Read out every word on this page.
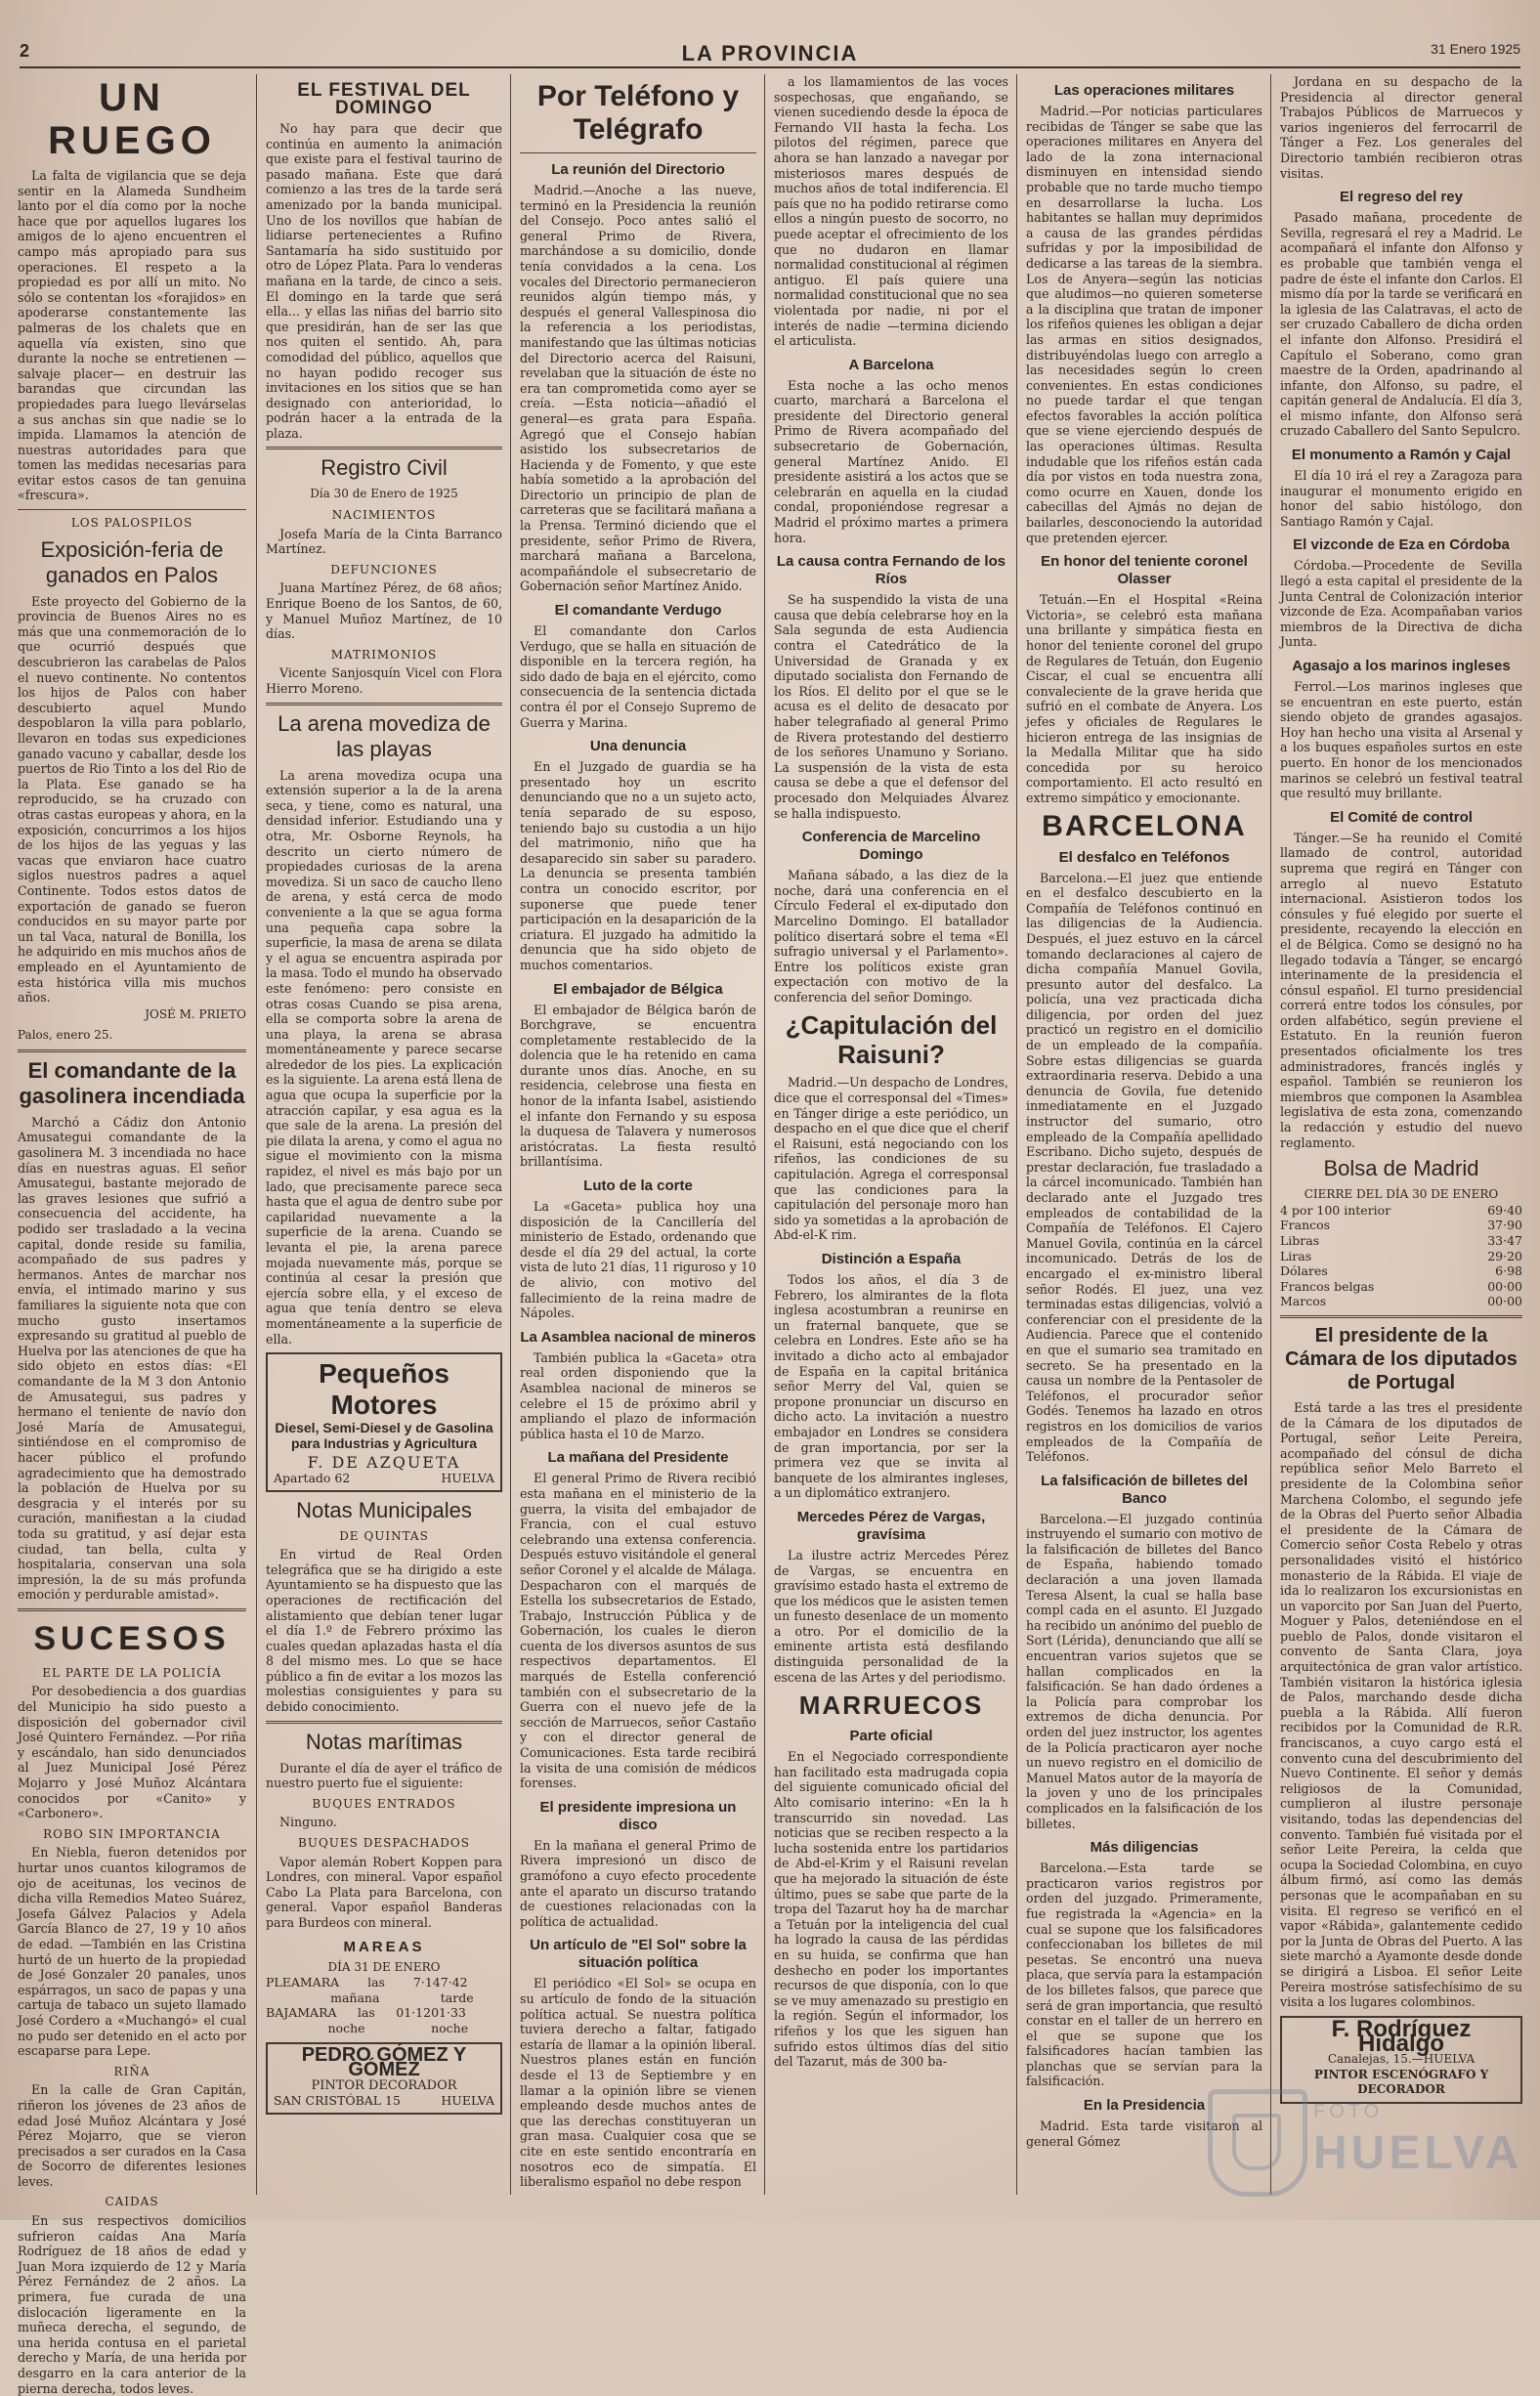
2	LA PROVINCIA	31 Enero 1925
UN RUEGO

La falta de vigilancia que se deja sentir en la Alameda Sundheim lanto por el día como por la noche hace que por aquellos lugares los amigos de lo ajeno encuentren el campo más apropiado para sus operaciones. El respeto a la propiedad es por allí un mito. No sólo se contentan los «forajidos» en apoderarse constantemente las palmeras de los chalets que en aquella vía existen, sino que durante la noche se entretienen —salvaje placer— en destruir las barandas que circundan las propiedades para luego llevárselas a sus anchas sin que nadie se lo impida. Llamamos la atención de nuestras autoridades para que tomen las medidas necesarias para evitar estos casos de tan genuina «frescura».

LOS PALOSPILOS
Exposición-feria de ganados en Palos

Este proyecto del Gobierno de la provincia de Buenos Aires no es más que una conmemoración de lo que ocurrió después que descubrieron las carabelas de Palos el nuevo continente. No contentos los hijos de Palos con haber descubierto aquel Mundo despoblaron la villa para poblarlo, llevaron en todas sus expediciones ganado vacuno y caballar, desde los puertos de Rio Tinto a los del Rio de la Plata. Ese ganado se ha reproducido, se ha cruzado con otras castas europeas y ahora, en la exposición, concurrimos a los hijos de los hijos de las yeguas y las vacas que enviaron hace cuatro siglos nuestros padres a aquel Continente. Todos estos datos de exportación de ganado se fueron conducidos en su mayor parte por un tal Vaca, natural de Bonilla, los he adquirido en mis muchos años de empleado en el Ayuntamiento de esta histórica villa mis muchos años.

JOSÉ M. PRIETO
Palos, enero 25.
El comandante de la gasolinera incendiada

Marchó a Cádiz don Antonio Amusategui comandante de la gasolinera M. 3 incendiada no hace días en nuestras aguas. El señor Amusategui, bastante mejorado de las graves lesiones que sufrió a consecuencia del accidente, ha podido ser trasladado a la vecina capital, donde reside su familia, acompañado de sus padres y hermanos. Antes de marchar nos envía, el intimado marino y sus familiares la siguiente nota que con mucho gusto insertamos expresando su gratitud al pueblo de Huelva por las atenciones de que ha sido objeto en estos días: «El comandante de la M 3 don Antonio de Amusategui, sus padres y hermano el teniente de navío don José María de Amusategui, sintiéndose en el compromiso de hacer público el profundo agradecimiento que ha demostrado la población de Huelva por su desgracia y el interés por su curación, manifiestan a la ciudad toda su gratitud, y así dejar esta ciudad, tan bella, culta y hospitalaria, conservan una sola impresión, la de su más profunda emoción y perdurable amistad».

SUCESOS
EL PARTE DE LA POLICÍA

Por desobediencia a dos guardias del Municipio ha sido puesto a disposición del gobernador civil José Quintero Fernández. —Por riña y escándalo, han sido denunciados al Juez Municipal José Pérez Mojarro y José Muñoz Alcántara conocidos por «Canito» y «Carbonero».

ROBO SIN IMPORTANCIA

En Niebla, fueron detenidos por hurtar unos cuantos kilogramos de ojo de aceitunas, los vecinos de dicha villa Remedios Mateo Suárez, Josefa Gálvez Palacios y Adela García Blanco de 27, 19 y 10 años de edad. —También en las Cristina hurtó de un huerto de la propiedad de José Gonzaler 20 panales, unos espárragos, un saco de papas y una cartuja de tabaco un sujeto llamado José Cordero a «Muchangó» el cual no pudo ser detenido en el acto por escaparse para Lepe.

RIÑA

En la calle de Gran Capitán, riñeron los jóvenes de 23 años de edad José Muñoz Alcántara y José Pérez Mojarro, que se vieron precisados a ser curados en la Casa de Socorro de diferentes lesiones leves.

CAIDAS

En sus respectivos domicilios sufrieron caídas Ana María Rodríguez de 18 años de edad y Juan Mora izquierdo de 12 y María Pérez Fernández de 2 años. La primera, fue curada de una dislocación ligeramente en la muñeca derecha, el segundo, de una herida contusa en el parietal derecho y María, de una herida por desgarro en la cara anterior de la pierna derecha, todos leves.

EL FESTIVAL DEL DOMINGO

No hay para que decir que continúa en aumento la animación que existe para el festival taurino de pasado mañana. Este que dará comienzo a las tres de la tarde será amenizado por la banda municipal. Uno de los novillos que habían de lidiarse pertenecientes a Rufino Santamaría ha sido sustituido por otro de López Plata. Para lo venderas mañana en la tarde, de cinco a seis. El domingo en la tarde que será ella... y ellas las niñas del barrio sito que presidirán, han de ser las que nos quiten el sentido. Ah, para comodidad del público, aquellos que no hayan podido recoger sus invitaciones en los sitios que se han designado con anterioridad, lo podrán hacer a la entrada de la plaza.

Registro Civil
Día 30 de Enero de 1925
NACIMIENTOS

Josefa María de la Cinta Barranco Martínez.

DEFUNCIONES

Juana Martínez Pérez, de 68 años; Enrique Boeno de los Santos, de 60, y Manuel Muñoz Martínez, de 10 días.

MATRIMONIOS

Vicente Sanjosquín Vicel con Flora Hierro Moreno.

La arena movediza de las playas

La arena movediza ocupa una extensión superior a la de la arena seca, y tiene, como es natural, una densidad inferior. Estudiando una y otra, Mr. Osborne Reynols, ha descrito un cierto número de propiedades curiosas de la arena movediza. Si un saco de caucho lleno de arena, y está cerca de modo conveniente a la que se agua forma una pequeña capa sobre la superficie, la masa de arena se dilata y el agua se encuentra aspirada por la masa. Todo el mundo ha observado este fenómeno: pero consiste en otras cosas Cuando se pisa arena, ella se comporta sobre la arena de una playa, la arena se abrasa momentáneamente y parece secarse alrededor de los pies. La explicación es la siguiente. La arena está llena de agua que ocupa la superficie por la atracción capilar, y esa agua es la que sale de la arena. La presión del pie dilata la arena, y como el agua no sigue el movimiento con la misma rapidez, el nivel es más bajo por un lado, que precisamente parece seca hasta que el agua de dentro sube por capilaridad nuevamente a la superficie de la arena. Cuando se levanta el pie, la arena parece mojada nuevamente más, porque se continúa al cesar la presión que ejercía sobre ella, y el exceso de agua que tenía dentro se eleva momentáneamente a la superficie de ella.

Pequeños Motores
Diesel, Semi-Diesel y de Gasolina para Industrias y Agricultura
F. DE AZQUETA
Apartado 62	HUELVA
Notas Municipales
DE QUINTAS

En virtud de Real Orden telegráfica que se ha dirigido a este Ayuntamiento se ha dispuesto que las operaciones de rectificación del alistamiento que debían tener lugar el día 1.º de Febrero próximo las cuales quedan aplazadas hasta el día 8 del mismo mes. Lo que se hace público a fin de evitar a los mozos las molestias consiguientes y para su debido conocimiento.

Notas marítimas

Durante el día de ayer el tráfico de nuestro puerto fue el siguiente:

BUQUES ENTRADOS

Ninguno.

BUQUES DESPACHADOS

Vapor alemán Robert Koppen para Londres, con mineral. Vapor español Cabo La Plata para Barcelona, con general. Vapor español Banderas para Burdeos con mineral.

MAREAS
DÍA 31 DE ENERO
PLEAMAR A las 7·14 mañana
7·42 tarde
BAJAMAR A las 01·12 noche
01·33 noche
PEDRO GÓMEZ Y GÓMEZ
PINTOR DECORADOR
SAN CRISTÓBAL 15	HUELVA
Por Teléfono y Telégrafo
La reunión del Directorio

Madrid.—Anoche a las nueve, terminó en la Presidencia la reunión del Consejo. Poco antes salió el general Primo de Rivera, marchándose a su domicilio, donde tenía convidados a la cena. Los vocales del Directorio permanecieron reunidos algún tiempo más, y después el general Vallespinosa dio la referencia a los periodistas, manifestando que las últimas noticias del Directorio acerca del Raisuni, revelaban que la situación de éste no era tan comprometida como ayer se creía. —Esta noticia—añadió el general—es grata para España. Agregó que el Consejo habían asistido los subsecretarios de Hacienda y de Fomento, y que este había sometido a la aprobación del Directorio un principio de plan de carreteras que se facilitará mañana a la Prensa. Terminó diciendo que el presidente, señor Primo de Rivera, marchará mañana a Barcelona, acompañándole el subsecretario de Gobernación señor Martínez Anido.

El comandante Verdugo

El comandante don Carlos Verdugo, que se halla en situación de disponible en la tercera región, ha sido dado de baja en el ejército, como consecuencia de la sentencia dictada contra él por el Consejo Supremo de Guerra y Marina.

Una denuncia

En el Juzgado de guardia se ha presentado hoy un escrito denunciando que no a un sujeto acto, tenía separado de su esposo, teniendo bajo su custodia a un hijo del matrimonio, niño que ha desaparecido sin saber su paradero. La denuncia se presenta también contra un conocido escritor, por suponerse que puede tener participación en la desaparición de la criatura. El juzgado ha admitido la denuncia que ha sido objeto de muchos comentarios.

El embajador de Bélgica

El embajador de Bélgica barón de Borchgrave, se encuentra completamente restablecido de la dolencia que le ha retenido en cama durante unos días. Anoche, en su residencia, celebrose una fiesta en honor de la infanta Isabel, asistiendo el infante don Fernando y su esposa la duquesa de Talavera y numerosos aristócratas. La fiesta resultó brillantísima.

Luto de la corte

La «Gaceta» publica hoy una disposición de la Cancillería del ministerio de Estado, ordenando que desde el día 29 del actual, la corte vista de luto 21 días, 11 riguroso y 10 de alivio, con motivo del fallecimiento de la reina madre de Nápoles.

La Asamblea nacional de mineros

También publica la «Gaceta» otra real orden disponiendo que la Asamblea nacional de mineros se celebre el 15 de próximo abril y ampliando el plazo de información pública hasta el 10 de Marzo.

La mañana del Presidente

El general Primo de Rivera recibió esta mañana en el ministerio de la guerra, la visita del embajador de Francia, con el cual estuvo celebrando una extensa conferencia. Después estuvo visitándole el general señor Coronel y el alcalde de Málaga. Despacharon con el marqués de Estella los subsecretarios de Estado, Trabajo, Instrucción Pública y de Gobernación, los cuales le dieron cuenta de los diversos asuntos de sus respectivos departamentos. El marqués de Estella conferenció también con el subsecretario de la Guerra con el nuevo jefe de la sección de Marruecos, señor Castaño y con el director general de Comunicaciones. Esta tarde recibirá la visita de una comisión de médicos forenses.

El presidente impresiona un disco

En la mañana el general Primo de Rivera impresionó un disco de gramófono a cuyo efecto procedente ante el aparato un discurso tratando de cuestiones relacionadas con la política de actualidad.

Un artículo de "El Sol" sobre la situación política

El periódico «El Sol» se ocupa en su artículo de fondo de la situación política actual. Se nuestra política tuviera derecho a faltar, fatigado estaría de llamar a la opinión liberal. Nuestros planes están en función desde el 13 de Septiembre y en llamar a la opinión libre se vienen empleando desde muchos antes de que las derechas constituyeran un gran masa. Cualquier cosa que se cite en este sentido encontraría en nosotros eco de simpatía. El liberalismo español no debe respon

a los llamamientos de las voces sospechosas, que engañando, se vienen sucediendo desde la época de Fernando VII hasta la fecha. Los pilotos del régimen, parece que ahora se han lanzado a navegar por misteriosos mares después de muchos años de total indiferencia. El país que no ha podido retirarse como ellos a ningún puesto de socorro, no puede aceptar el ofrecimiento de los que no dudaron en llamar normalidad constitucional al régimen antiguo. El país quiere una normalidad constitucional que no sea violentada por nadie, ni por el interés de nadie —termina diciendo el articulista.

A Barcelona

Esta noche a las ocho menos cuarto, marchará a Barcelona el presidente del Directorio general Primo de Rivera acompañado del subsecretario de Gobernación, general Martínez Anido. El presidente asistirá a los actos que se celebrarán en aquella en la ciudad condal, proponiéndose regresar a Madrid el próximo martes a primera hora.

La causa contra Fernando de los Ríos

Se ha suspendido la vista de una causa que debía celebrarse hoy en la Sala segunda de esta Audiencia contra el Catedrático de la Universidad de Granada y ex diputado socialista don Fernando de los Ríos. El delito por el que se le acusa es el delito de desacato por haber telegrafiado al general Primo de Rivera protestando del destierro de los señores Unamuno y Soriano. La suspensión de la vista de esta causa se debe a que el defensor del procesado don Melquiades Álvarez se halla indispuesto.

Conferencia de Marcelino Domingo

Mañana sábado, a las diez de la noche, dará una conferencia en el Círculo Federal el ex-diputado don Marcelino Domingo. El batallador político disertará sobre el tema «El sufragio universal y el Parlamento». Entre los políticos existe gran expectación con motivo de la conferencia del señor Domingo.

¿Capitulación del Raisuni?

Madrid.—Un despacho de Londres, dice que el corresponsal del «Times» en Tánger dirige a este periódico, un despacho en el que dice que el cherif el Raisuni, está negociando con los rifeños, las condiciones de su capitulación. Agrega el corresponsal que las condiciones para la capitulación del personaje moro han sido ya sometidas a la aprobación de Abd-el-K rim.

Distinción a España

Todos los años, el día 3 de Febrero, los almirantes de la flota inglesa acostumbran a reunirse en un fraternal banquete, que se celebra en Londres. Este año se ha invitado a dicho acto al embajador de España en la capital británica señor Merry del Val, quien se propone pronunciar un discurso en dicho acto. La invitación a nuestro embajador en Londres se considera de gran importancia, por ser la primera vez que se invita al banquete de los almirantes ingleses, a un diplomático extranjero.

Mercedes Pérez de Vargas, gravísima

La ilustre actriz Mercedes Pérez de Vargas, se encuentra en gravísimo estado hasta el extremo de que los médicos que le asisten temen un funesto desenlace de un momento a otro. Por el domicilio de la eminente artista está desfilando distinguida personalidad de la escena de las Artes y del periodismo.

MARRUECOS
Parte oficial

En el Negociado correspondiente han facilitado esta madrugada copia del siguiente comunicado oficial del Alto comisario interino: «En la h transcurrido sin novedad. Las noticias que se reciben respecto a la lucha sostenida entre los partidarios de Abd-el-Krim y el Raisuni revelan que ha mejorado la situación de éste último, pues se sabe que parte de la tropa del Tazarut hoy ha de marchar a Tetuán por la inteligencia del cual ha logrado la causa de las pérdidas en su huida, se confirma que han deshecho en poder los importantes recursos de que disponía, con lo que se ve muy amenazado su prestigio en la región. Según el informador, los rifeños y los que les siguen han sufrido estos últimos días del sitio del Tazarut, más de 300 ba-

Las operaciones militares

Madrid.—Por noticias particulares recibidas de Tánger se sabe que las operaciones militares en Anyera del lado de la zona internacional disminuyen en intensidad siendo probable que no tarde mucho tiempo en desarrollarse la lucha. Los habitantes se hallan muy deprimidos a causa de las grandes pérdidas sufridas y por la imposibilidad de dedicarse a las tareas de la siembra. Los de Anyera—según las noticias que aludimos—no quieren someterse a la disciplina que tratan de imponer los rifeños quienes les obligan a dejar las armas en sitios designados, distribuyéndolas luego con arreglo a las necesidades según lo creen convenientes. En estas condiciones no puede tardar el que tengan efectos favorables la acción política que se viene ejerciendo después de las operaciones últimas. Resulta indudable que los rifeños están cada día por vistos en toda nuestra zona, como ocurre en Xauen, donde los cabecillas del Ajmás no dejan de bailarles, desconociendo la autoridad que pretenden ejercer.

En honor del teniente coronel Olasser

Tetuán.—En el Hospital «Reina Victoria», se celebró esta mañana una brillante y simpática fiesta en honor del teniente coronel del grupo de Regulares de Tetuán, don Eugenio Ciscar, el cual se encuentra allí convaleciente de la grave herida que sufrió en el combate de Anyera. Los jefes y oficiales de Regulares le hicieron entrega de las insignias de la Medalla Militar que ha sido concedida por su heroico comportamiento. El acto resultó en extremo simpático y emocionante.

BARCELONA
El desfalco en Teléfonos

Barcelona.—El juez que entiende en el desfalco descubierto en la Compañía de Teléfonos continuó en las diligencias de la Audiencia. Después, el juez estuvo en la cárcel tomando declaraciones al cajero de dicha compañía Manuel Govila, presunto autor del desfalco. La policía, una vez practicada dicha diligencia, por orden del juez practicó un registro en el domicilio de un empleado de la compañía. Sobre estas diligencias se guarda extraordinaria reserva. Debido a una denuncia de Govila, fue detenido inmediatamente en el Juzgado instructor del sumario, otro empleado de la Compañía apellidado Escribano. Dicho sujeto, después de prestar declaración, fue trasladado a la cárcel incomunicado. También han declarado ante el Juzgado tres empleados de contabilidad de la Compañía de Teléfonos. El Cajero Manuel Govila, continúa en la cárcel incomunicado. Detrás de los de encargado el ex-ministro liberal señor Rodés. El juez, una vez terminadas estas diligencias, volvió a conferenciar con el presidente de la Audiencia. Parece que el contenido en que el sumario sea tramitado en secreto. Se ha presentado en la causa un nombre de la Pentasoler de Teléfonos, el procurador señor Godés. Tenemos ha lazado en otros registros en los domicilios de varios empleados de la Compañía de Teléfonos.

La falsificación de billetes del Banco

Barcelona.—El juzgado continúa instruyendo el sumario con motivo de la falsificación de billetes del Banco de España, habiendo tomado declaración a una joven llamada Teresa Alsent, la cual se halla base compl cada en el asunto. El Juzgado ha recibido un anónimo del pueblo de Sort (Lérida), denunciando que allí se encuentran varios sujetos que se hallan complicados en la falsificación. Se han dado órdenes a la Policía para comprobar los extremos de dicha denuncia. Por orden del juez instructor, los agentes de la Policía practicaron ayer noche un nuevo registro en el domicilio de Manuel Matos autor de la mayoría de la joven y uno de los principales complicados en la falsificación de los billetes.

Más diligencias

Barcelona.—Esta tarde se practicaron varios registros por orden del juzgado. Primeramente, fue registrada la «Agencia» en la cual se supone que los falsificadores confeccionaban los billetes de mil pesetas. Se encontró una nueva placa, que servía para la estampación de los billetes falsos, que parece que será de gran importancia, que resultó constar en el taller de un herrero en el que se supone que los falsificadores hacían tambien las planchas que se servían para la falsificación.

En la Presidencia

Madrid. Esta tarde visitaron al general Gómez

Jordana en su despacho de la Presidencia al director general Trabajos Públicos de Marruecos y varios ingenieros del ferrocarril de Tánger a Fez. Los generales del Directorio también recibieron otras visitas.

El regreso del rey

Pasado mañana, procedente de Sevilla, regresará el rey a Madrid. Le acompañará el infante don Alfonso y es probable que también venga el padre de éste el infante don Carlos. El mismo día por la tarde se verificará en la iglesia de las Calatravas, el acto de ser cruzado Caballero de dicha orden el infante don Alfonso. Presidirá el Capítulo el Soberano, como gran maestre de la Orden, apadrinando al infante, don Alfonso, su padre, el capitán general de Andalucía. El día 3, el mismo infante, don Alfonso será cruzado Caballero del Santo Sepulcro.

El monumento a Ramón y Cajal

El día 10 irá el rey a Zaragoza para inaugurar el monumento erigido en honor del sabio histólogo, don Santiago Ramón y Cajal.

El vizconde de Eza en Córdoba

Córdoba.—Procedente de Sevilla llegó a esta capital el presidente de la Junta Central de Colonización interior vizconde de Eza. Acompañaban varios miembros de la Directiva de dicha Junta.

Agasajo a los marinos ingleses

Ferrol.—Los marinos ingleses que se encuentran en este puerto, están siendo objeto de grandes agasajos. Hoy han hecho una visita al Arsenal y a los buques españoles surtos en este puerto. En honor de los mencionados marinos se celebró un festival teatral que resultó muy brillante.

El Comité de control

Tánger.—Se ha reunido el Comité llamado de control, autoridad suprema que regirá en Tánger con arreglo al nuevo Estatuto internacional. Asistieron todos los cónsules y fué elegido por suerte el presidente, recayendo la elección en el de Bélgica. Como se designó no ha llegado todavía a Tánger, se encargó interinamente de la presidencia el cónsul español. El turno presidencial correrá entre todos los cónsules, por orden alfabético, según previene el Estatuto. En la reunión fueron presentados oficialmente los tres administradores, francés inglés y español. También se reunieron los miembros que componen la Asamblea legislativa de esta zona, comenzando la redacción y estudio del nuevo reglamento.

Bolsa de Madrid
CIERRE DEL DÍA 30 DE ENERO
4 por 100 interior	69·40
Francos	37·90
Libras	33·47
Liras	29·20
Dólares	6·98
Francos belgas	00·00
Marcos	00·00
El presidente de la Cámara de los diputados de Portugal

Está tarde a las tres el presidente de la Cámara de los diputados de Portugal, señor Leite Pereira, acompañado del cónsul de dicha república señor Melo Barreto el presidente de la Colombina señor Marchena Colombo, el segundo jefe de la Obras del Puerto señor Albadia el presidente de la Cámara de Comercio señor Costa Rebelo y otras personalidades visitó el histórico monasterio de la Rábida. El viaje de ida lo realizaron los excursionistas en un vaporcito por San Juan del Puerto, Moguer y Palos, deteniéndose en el pueblo de Palos, donde visitaron el convento de Santa Clara, joya arquitectónica de gran valor artístico. También visitaron la histórica iglesia de Palos, marchando desde dicha puebla a la Rábida. Allí fueron recibidos por la Comunidad de R.R. franciscanos, a cuyo cargo está el convento cuna del descubrimiento del Nuevo Continente. El señor y demás religiosos de la Comunidad, cumplieron al ilustre personaje visitando, todas las dependencias del convento. También fué visitada por el señor Leite Pereira, la celda que ocupa la Sociedad Colombina, en cuyo álbum firmó, así como las demás personas que le acompañaban en su visita. El regreso se verificó en el vapor «Rábida», galantemente cedido por la Junta de Obras del Puerto. A las siete marchó a Ayamonte desde donde se dirigirá a Lisboa. El señor Leite Pereira mostróse satisfechísimo de su visita a los lugares colombinos.

F. Rodríguez Hidalgo
Canalejas, 15.—HUELVA
PINTOR ESCENÓGRAFO Y DECORADOR
FOTO
HUELVA
